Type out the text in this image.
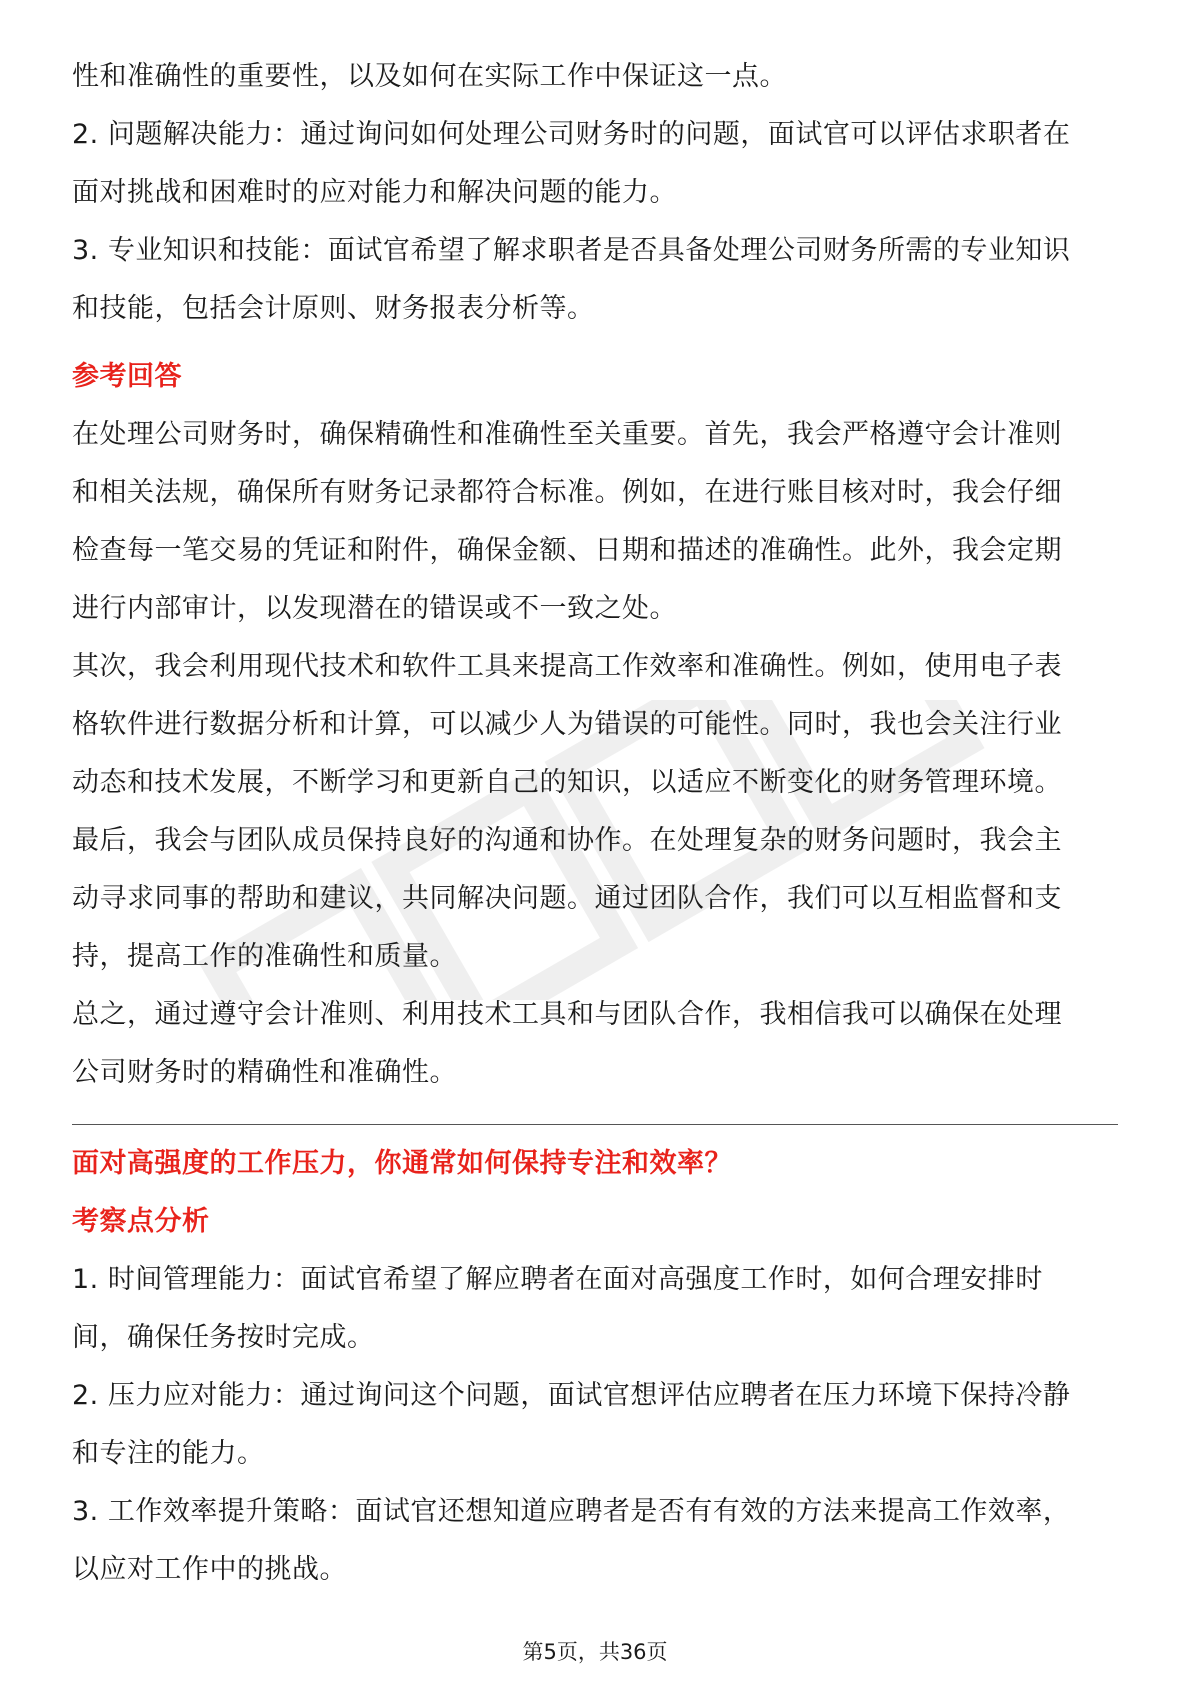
性和准确性的重要性，以及如何在实际工作中保证这一点。

2. 问题解决能力：通过询问如何处理公司财务时的问题，面试官可以评估求职者在

面对挑战和困难时的应对能力和解决问题的能力。

3. 专业知识和技能：面试官希望了解求职者是否具备处理公司财务所需的专业知识

和技能，包括会计原则、财务报表分析等。

参考回答

在处理公司财务时，确保精确性和准确性至关重要。首先，我会严格遵守会计准则

和相关法规，确保所有财务记录都符合标准。例如，在进行账目核对时，我会仔细

检查每一笔交易的凭证和附件，确保金额、日期和描述的准确性。此外，我会定期

进行内部审计，以发现潜在的错误或不一致之处。

其次，我会利用现代技术和软件工具来提高工作效率和准确性。例如，使用电子表

格软件进行数据分析和计算，可以减少人为错误的可能性。同时，我也会关注行业

动态和技术发展，不断学习和更新自己的知识，以适应不断变化的财务管理环境。

最后，我会与团队成员保持良好的沟通和协作。在处理复杂的财务问题时，我会主

动寻求同事的帮助和建议，共同解决问题。通过团队合作，我们可以互相监督和支

持，提高工作的准确性和质量。

总之，通过遵守会计准则、利用技术工具和与团队合作，我相信我可以确保在处理

公司财务时的精确性和准确性。

面对高强度的工作压力，你通常如何保持专注和效率？
考察点分析

1. 时间管理能力：面试官希望了解应聘者在面对高强度工作时，如何合理安排时

间，确保任务按时完成。

2. 压力应对能力：通过询问这个问题，面试官想评估应聘者在压力环境下保持冷静

和专注的能力。

3. 工作效率提升策略：面试官还想知道应聘者是否有有效的方法来提高工作效率，

以应对工作中的挑战。

第5页，共36页
